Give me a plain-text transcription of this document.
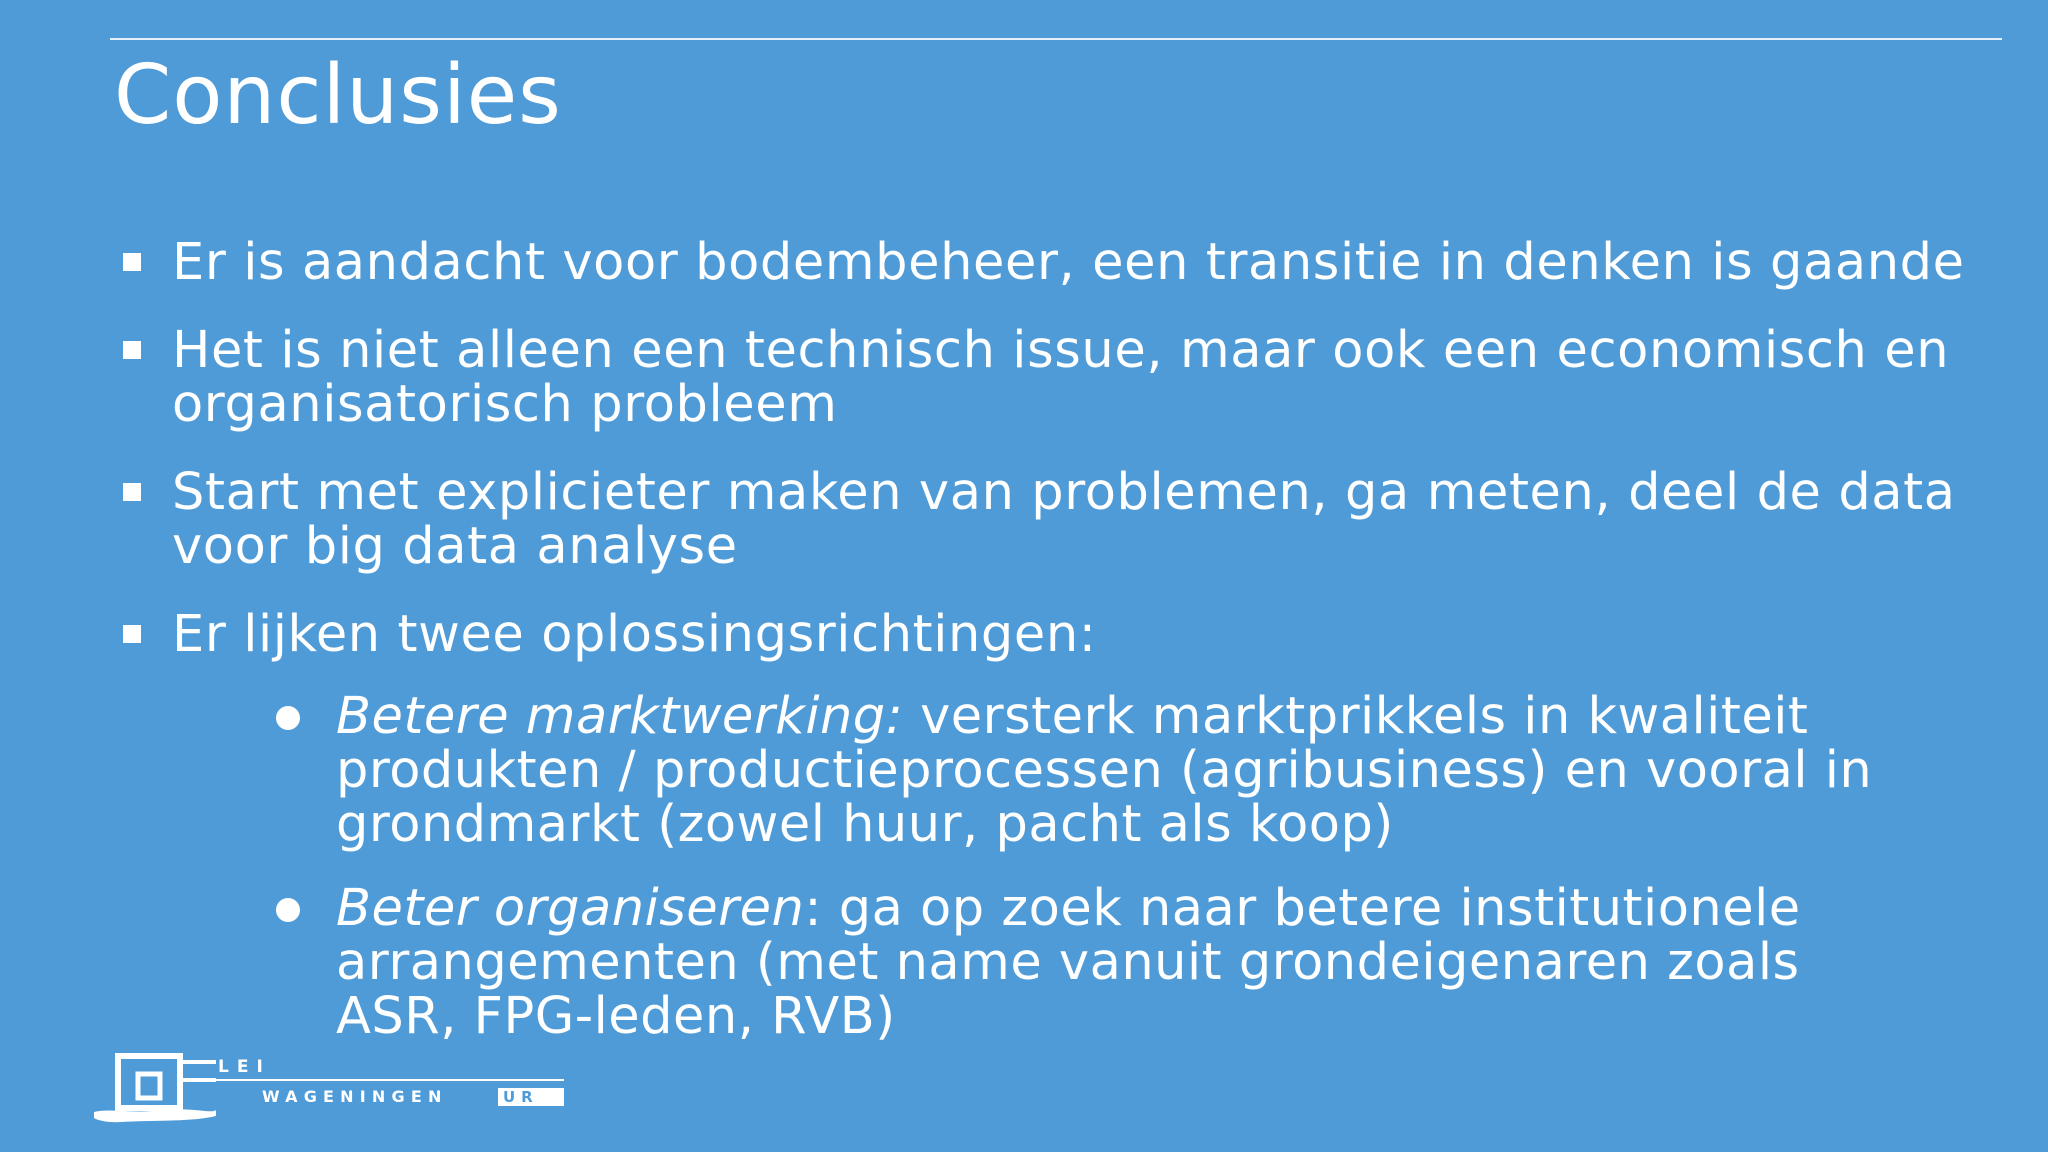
Conclusies
Er is aandacht voor bodembeheer, een transitie in denken is gaande
Het is niet alleen een technisch issue, maar ook een economisch en organisatorisch probleem
Start met explicieter maken van problemen, ga meten, deel de data voor big data analyse
Er lijken twee oplossingsrichtingen:
Betere marktwerking: versterk marktprikkels in kwaliteit produkten / productieprocessen (agribusiness) en vooral in grondmarkt (zowel huur, pacht als koop)
Beter organiseren: ga op zoek naar betere institutionele arrangementen (met name vanuit grondeigenaren zoals ASR, FPG-leden, RVB)
LEI
WAGENINGEN	UR
